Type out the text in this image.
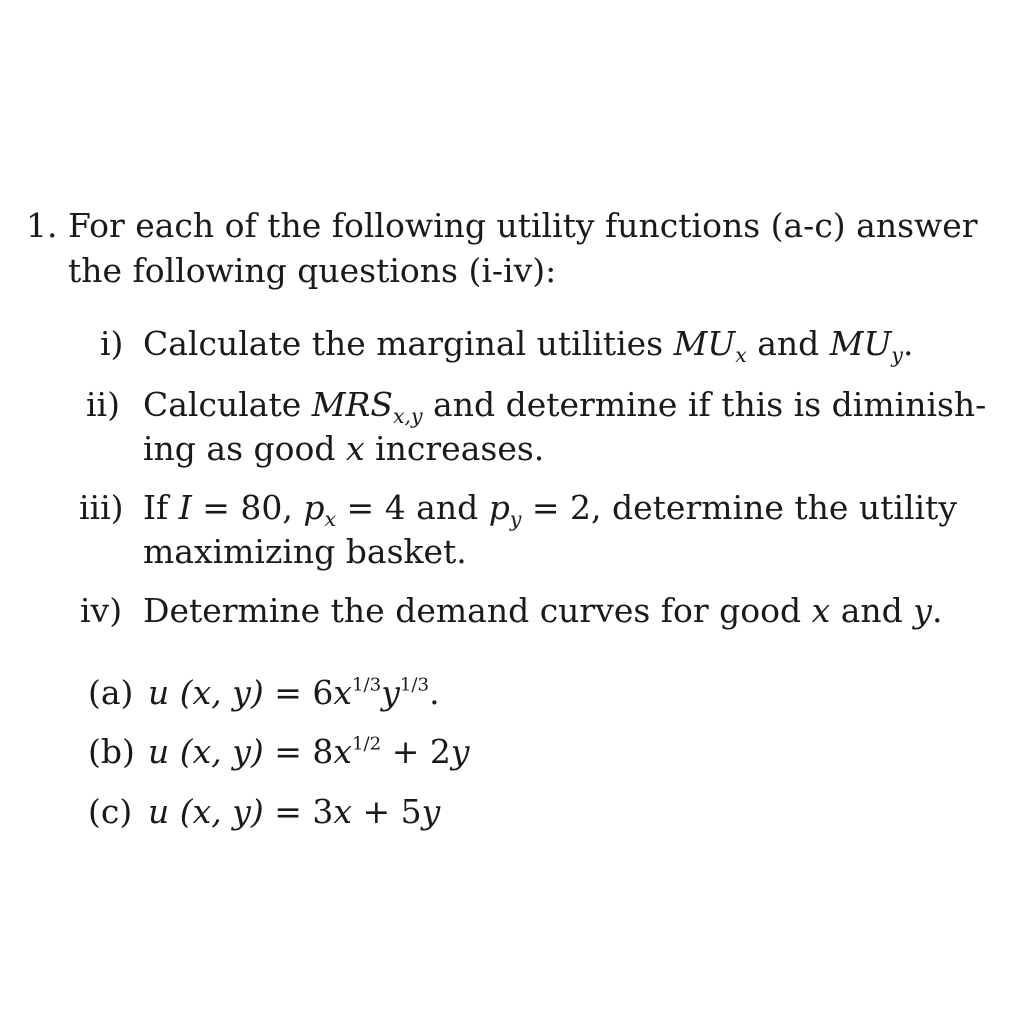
1. For each of the following utility functions (a-c) answer
the following questions (i-iv):
i) Calculate the marginal utilities $MU_x$ and $MU_y$.
ii) Calculate $MRS_{x,y}$ and determine if this is diminish-
ing as good x increases.
iii) If I = 80, $p_x = 4$ and $p_y = 2$, determine the utility
maximizing basket.
iv) Determine the demand curves for good x and y.
(a) u (x, $y) = 6x^{1/3}y^{1/3}$.
(b) u (x, $y) = 8x^{1/2} + 2y$
(c) u (x, y) = 3x + 5y
